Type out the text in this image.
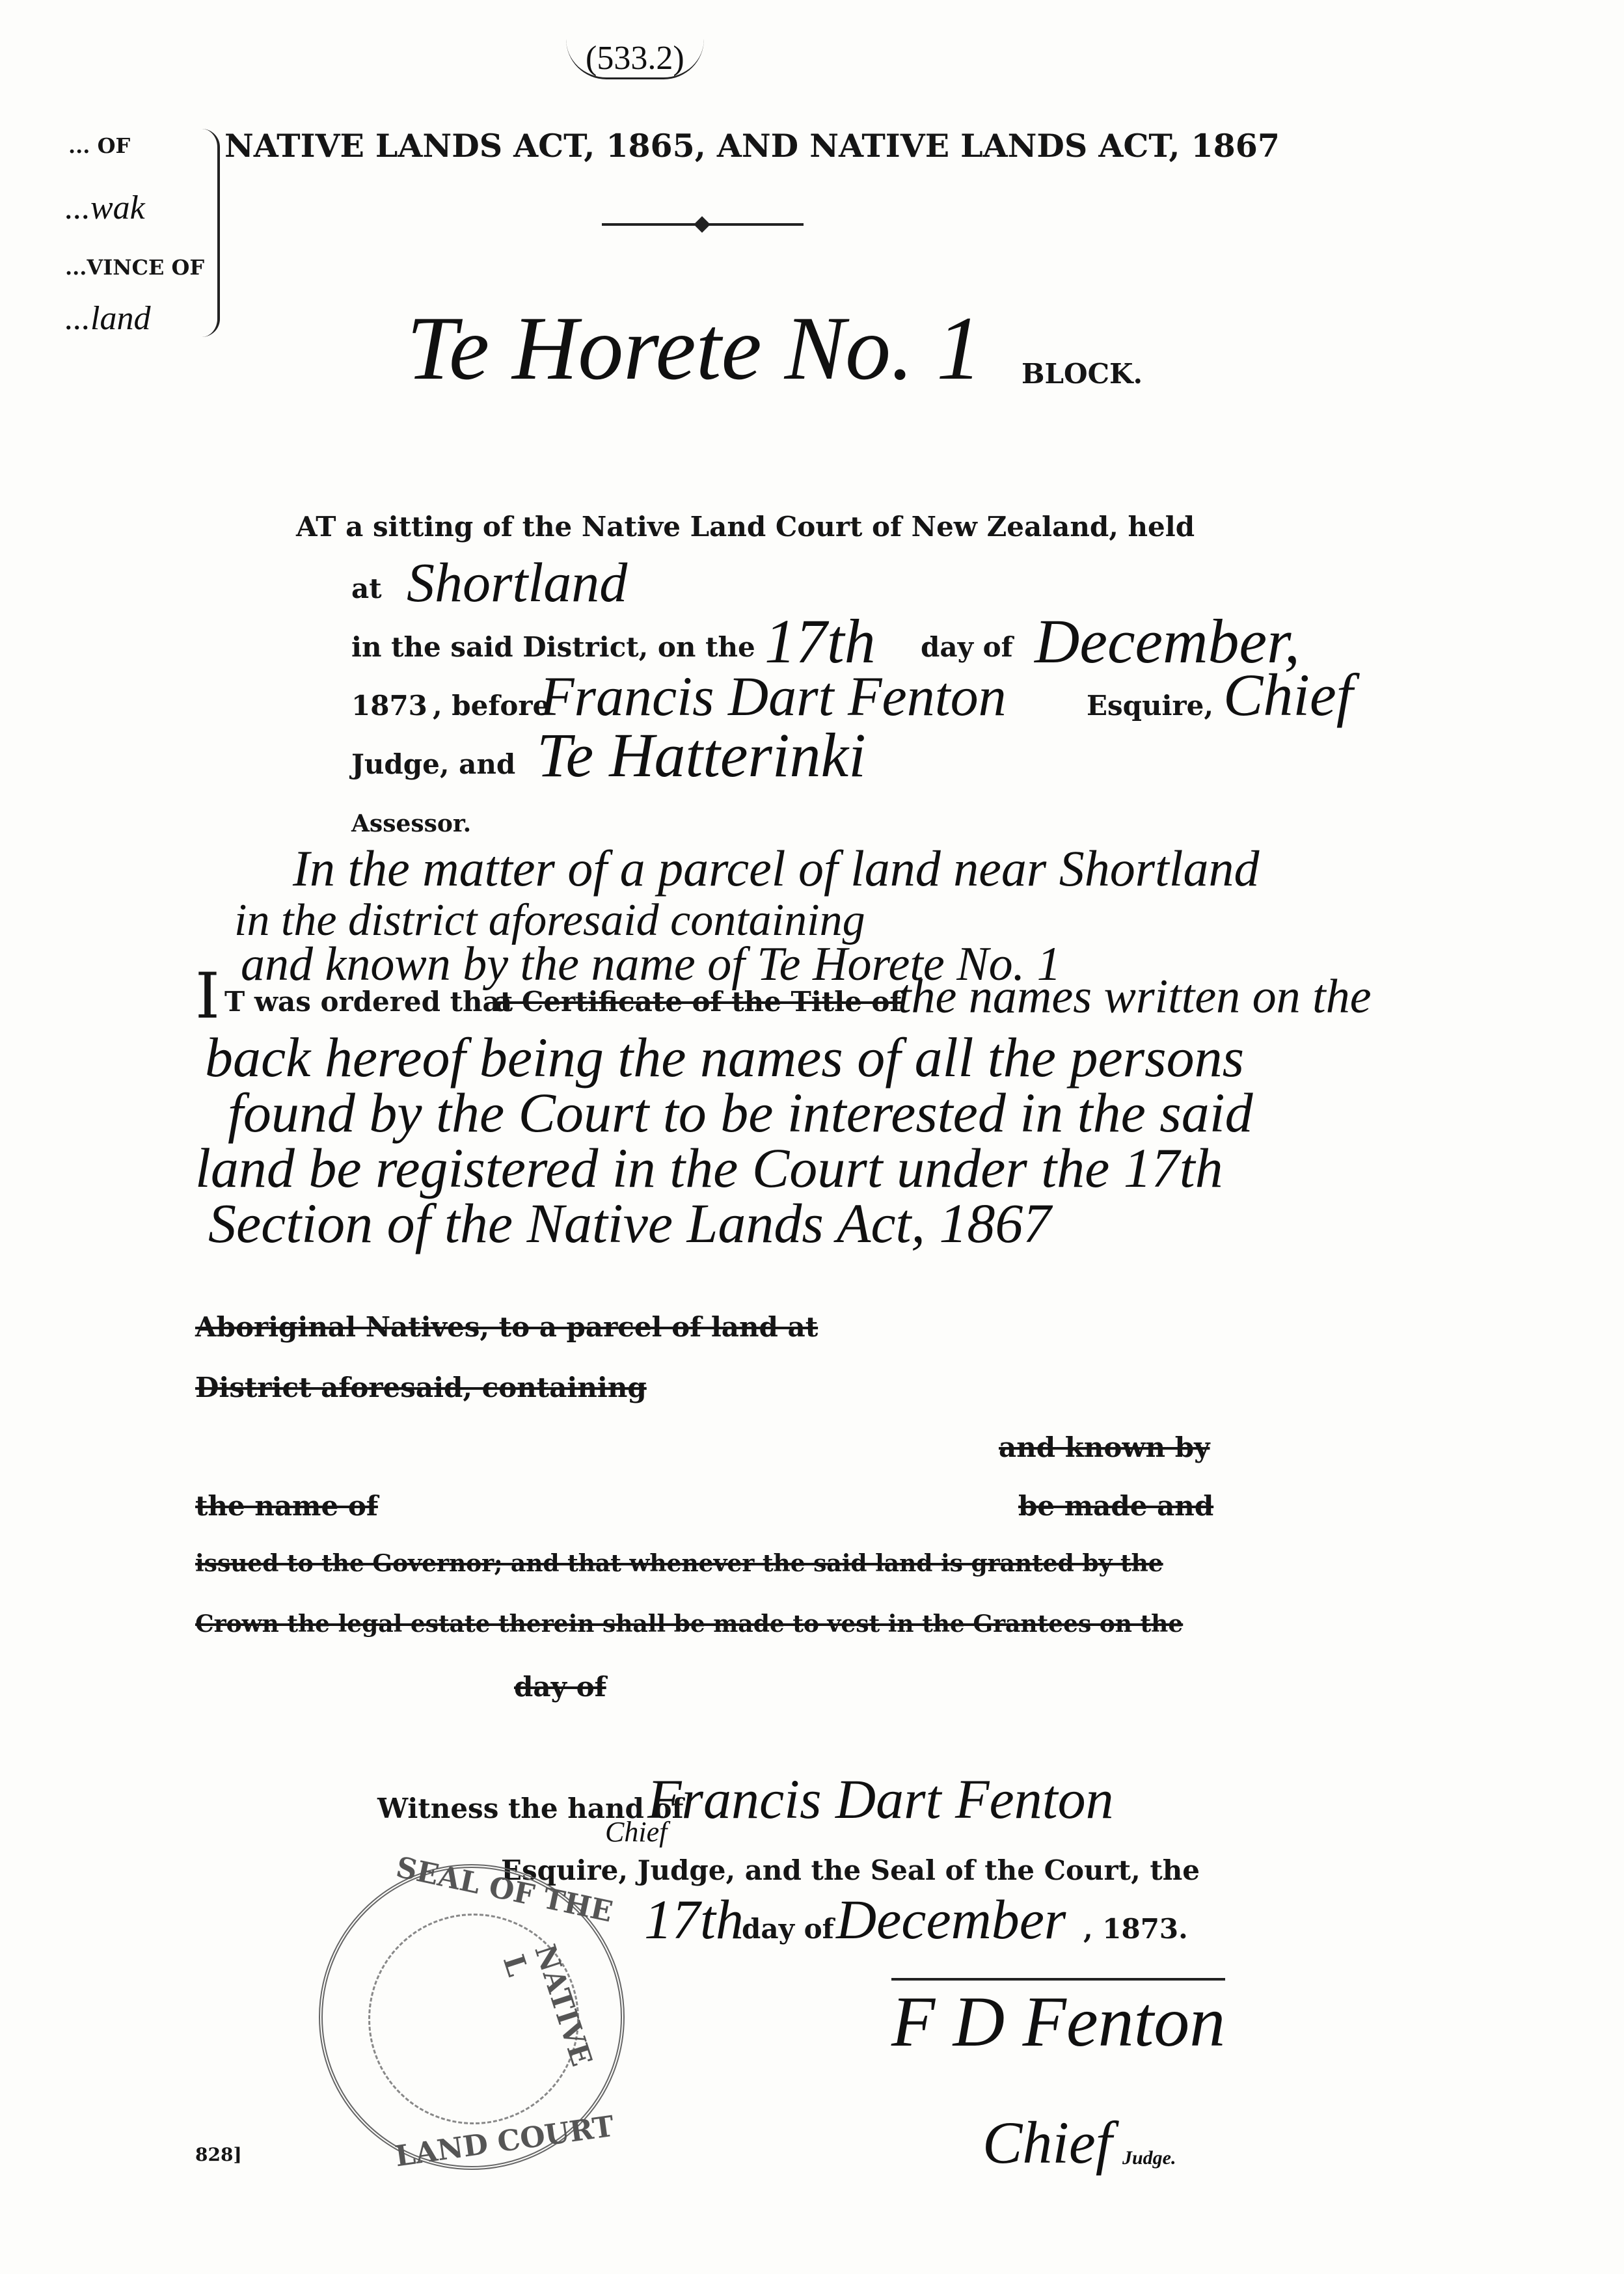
(533.2)
... OF
...wak
...VINCE OF
...land
NATIVE LANDS ACT, 1865, AND NATIVE LANDS ACT, 1867
Te Horete No. 1 BLOCK.
AT a sitting of the Native Land Court of New Zealand, held
at Shortland
in the said District, on the 17th day of December,
1873 , before
Francis Dart Fenton	Esquire, Chief
Judge, and Te Hatterinki
Assessor.
In the matter of a parcel of land near Shortland
in the district aforesaid containing
and known by the name of Te Horete No. 1
I T was ordered that
a Certificate of the Title of
the names written on the
back hereof being the names of all the persons
found by the Court to be interested in the said
land be registered in the Court under the 17th
Section of the Native Lands Act, 1867
Aboriginal Natives, to a parcel of land at
District aforesaid, containing
and known by
the name of	be made and
issued to the Governor; and that whenever the said land is granted by the
Crown the legal estate therein shall be made to vest in the Grantees on the
day of
Witness the hand of
Francis Dart Fenton
Chief
Esquire, Judge, and the Seal of the Court, the
17th
day of December , 1873.
SEAL OF THE
NATIVE L
LAND COURT
F D Fenton
Chief Judge.
828]
